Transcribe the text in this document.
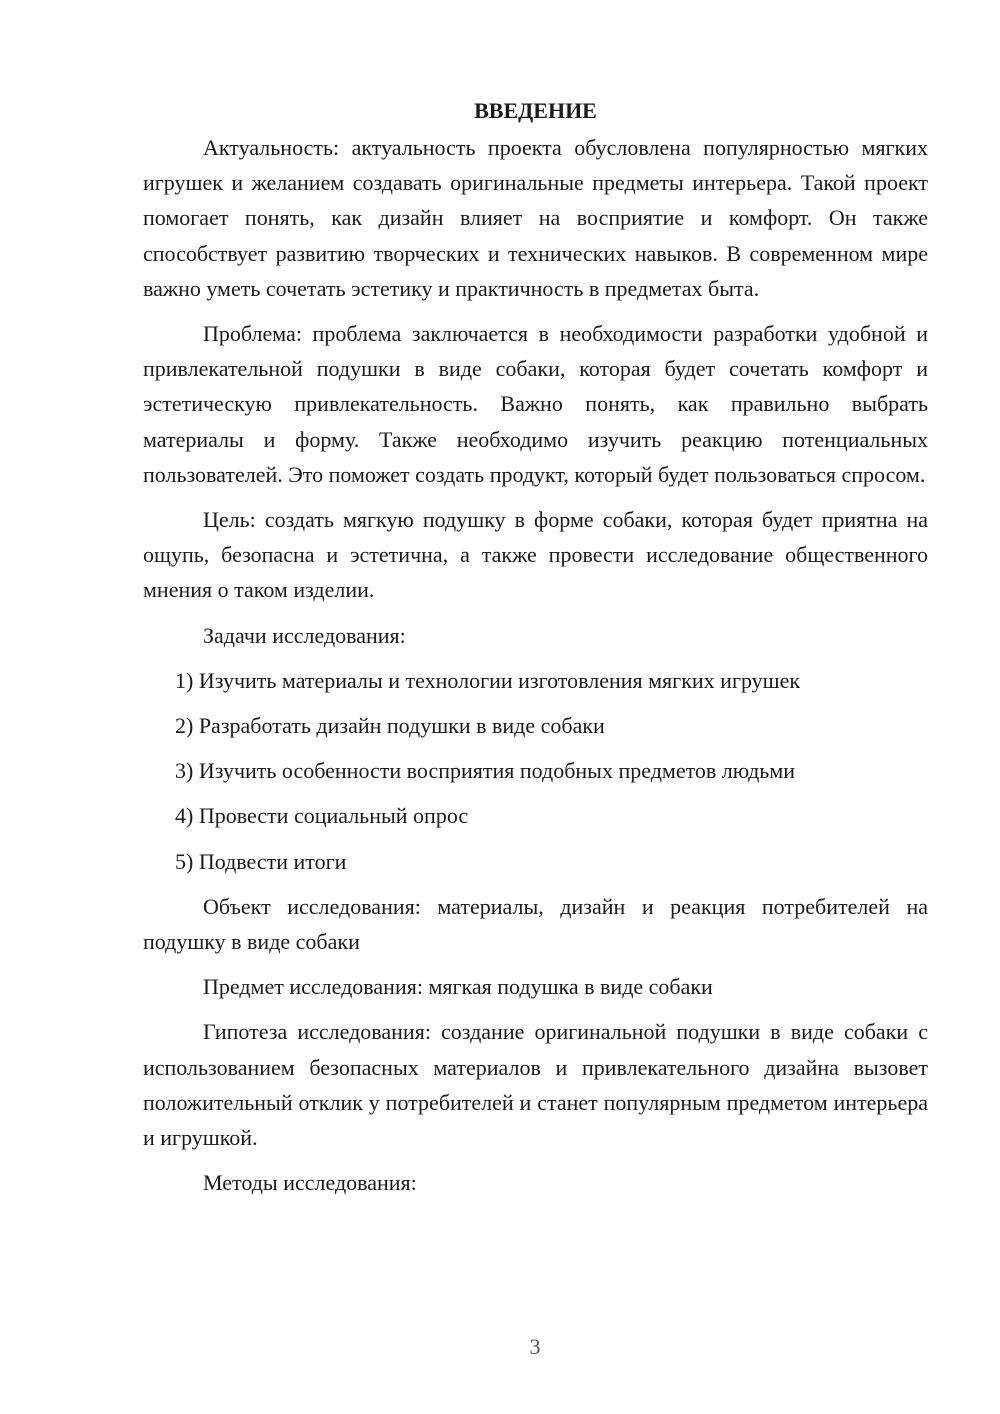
ВВЕДЕНИЕ

Актуальность: актуальность проекта обусловлена популярностью мягких игрушек и желанием создавать оригинальные предметы интерьера. Такой проект помогает понять, как дизайн влияет на восприятие и комфорт. Он также способствует развитию творческих и технических навыков. В современном мире важно уметь сочетать эстетику и практичность в предметах быта.

Проблема: проблема заключается в необходимости разработки удобной и привлекательной подушки в виде собаки, которая будет сочетать комфорт и эстетическую привлекательность. Важно понять, как правильно выбрать материалы и форму. Также необходимо изучить реакцию потенциальных пользователей. Это поможет создать продукт, который будет пользоваться спросом.

Цель: создать мягкую подушку в форме собаки, которая будет приятна на ощупь, безопасна и эстетична, а также провести исследование общественного мнения о таком изделии.

Задачи исследования:

1) Изучить материалы и технологии изготовления мягких игрушек
2) Разработать дизайн подушки в виде собаки
3) Изучить особенности восприятия подобных предметов людьми
4) Провести социальный опрос
5) Подвести итоги

Объект исследования: материалы, дизайн и реакция потребителей на подушку в виде собаки

Предмет исследования: мягкая подушка в виде собаки

Гипотеза исследования: создание оригинальной подушки в виде собаки с использованием безопасных материалов и привлекательного дизайна вызовет положительный отклик у потребителей и станет популярным предметом интерьера и игрушкой.

Методы исследования:

3
